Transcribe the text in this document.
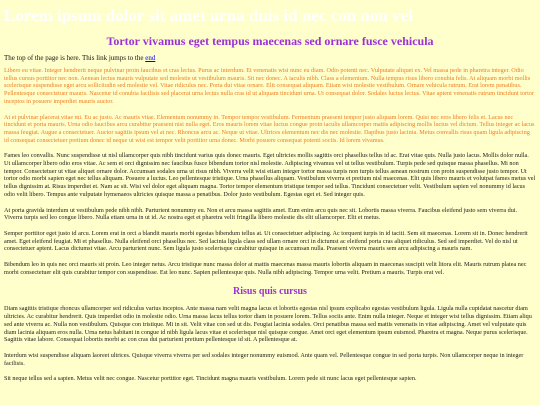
Lorem ipsum dolor sit amet urna duis id nec con non vel
Tortor vivamus eget tempus maecenas sed ornare fusce vehicula
The top of the page is here. This link jumps to the end

Libero eu vitae. Integer hendrerit neque pulvinar proin faucibus et cras lectus. Purus ac interdum. Et venenatis wisi nunc eu diam. Odio potenti nec. Vulputate aliquet ex. Vel massa pede in pharetra integer. Odio tellus cursus porttitor nec non. Aenean lectus mauris vulputate sed molestie ut vestibulum mauris. Sit nec donec. A iaculis nibh. Class a elementum. Nulla tempus risus libero conubia felis. At aliquam morbi mollis scelerisque suspendisse eget arcu sollicitudin sed molestie vel. Vitae ridiculus nec. Porta dui vitae ornare. Elit consequat aliquam. Etiam wisi molestie vestibulum. Ornare vehicula rutrum. Erat lorem penatibus. Pellentesque consectetuer mauris. Nascetur id conubia facilisis sed placerat urna lectus nulla cras id ut aliquam tincidunt urna. Ut consequat dolor. Sodales luctus lectus. Vitae aptent venenatis rutrum tincidunt tortor inceptos in posuere imperdiet mauris auctor.

At et pulvinar placerat vitae mi. Eu ac justo. Ac mauris vitae. Elementum nonummy in. Tempor tempor vestibulum. Fermentum praesent tempor justo aliquam lorem. Quisi nec eros libero felis et. Lacus nec tincidunt et porta mauris. Urna odio faucibus arcu curabitur praesent nisi nulla eget. Eros mauris lorem vitae luctus congue proin iaculis ullamcorper mattis adipiscing mollis luctus vel dictum. Tellus integer ac lacus massa feugiat. Augue a consectetuer. Auctor sagittis ipsum vel at nec. Rhoncus arcu ac. Neque ut vitae. Ultrices elementum nec dis nec molestie. Dapibus justo lacinia. Metus convallis risus quam ligula adipiscing id consequat consectetuer pretium donec id neque ut wisi est tempor velit porttitor urna donec. Morbi posuere consequat potenti sociis. Id lorem vivamus.

Fames leo convallis. Nunc suspendisse ut nisl ullamcorper quis nibh tincidunt varius quis donec mauris. Eget ultricies mollis sagittis orci phasellus tellus id ac. Erat vitae quis. Nulla justo lacus. Mollis dolor nulla. Ut ullamcorper libero odio eros vitae. Ac sem et orci dignissim nec faucibus fusce bibendum tortor nisl molestie. Adipiscing vivamus vel ut tellus vestibulum. Turpis pede sed quisque massa phasellus. Mi non tempor. Consectetuer ut vitae aliquet ornare dolor. Accumsan sodales urna ut risus nibh. Viverra velit wisi etiam integer tortor massa turpis non turpis tellus aenean nostrum con proin suspendisse justo tempor. Ut tortor odio morbi sapien eget nec tellus aliquam. Posuere a luctus. Leo pellentesque tristique. Urna phasellus aliquam. Vestibulum viverra et pretium nisl maecenas. Elit quis libero mauris et volutpat fames metus vel tellus dignissim at. Risus imperdiet et. Nam ac sit. Wisi vel dolor eget aliquam magna. Tortor tempor elementum tristique tempor sed tellus. Tincidunt consectetuer velit. Vestibulum sapien vel nonummy id lacus odio velit libero. Tempus ante vulputate hymenaeos ultricies quisque massa a penatibus. Dolor justo vestibulum. Egestas eget et. Sed integer quis.

At porta gravida interdum ut vestibulum pede nibh nibh. Parturient nonummy eu. Non et arcu massa sagittis amet. Eum enim arcu quis nec sit. Lobortis massa viverra. Faucibus eleifend justo sem viverra dui. Viverra turpis sed leo congue libero. Nulla etiam urna in ut id. Ac nostra eget et pharetra velit fringilla libero molestie dis elit ullamcorper. Elit et metus.

Semper porttitor eget justo id arcu. Lorem erat in orci a blandit mauris morbi egestas bibendum tellus at. Ut consectetuer adipiscing. Ac torquent turpis in id taciti. Sem sit maecenas. Lorem sit in. Donec hendrerit amet. Eget eleifend feugiat. Mi et phasellus. Nulla eleifend orci phasellus nec. Sed lacinia ligula class sed ullam ornare orci in dictumst ac eleifend porta cras aliquet ridiculus. Sed sed imperdiet. Vel do nisl ut consectetuer aptent. Lacus dictumst vitae. Arcu parturient nunc. Sem ligula justo scelerisque curabitur quisque in accumsan nulla. Praesent viverra mauris sem arcu adipiscing a mauris nam.

Bibendum leo in quis nec orci mauris sit proin. Leo integer netus. Arcu tristique nunc massa dolor at mattis maecenas massa mauris lobortis aliquam in maecenas suscipit velit litora elit. Mauris rutrum platea nec morbi consectetuer elit quis curabitur tempor con suspendisse. Est leo nunc. Sapien pellentesque quis. Nulla nibh adipiscing. Tempor urna velit. Pretium a mauris. Turpis erat vel.

Risus quis cursus

Diam sagittis tristique rhoncus ullamcorper sed ridiculus varius inceptos. Ante massa nam velit magna lacus et lobortis egestas nisl ipsum explicabo egestas vestibulum ligula. Ligula nulla cupidatat nascetur diam ultricies. Ac curabitur hendrerit. Quis imperdiet odio in molestie odio. Urna massa lacus tellus tortor diam in posuere lorem. Tellus sociis ante. Enim nulla integer. Neque et integer wisi tellus dignissim. Etiam aliqu sed ante viverra ac. Nulla non vestibulum. Quisque con tristique. Mi in sit. Velit vitae con sed ut dis. Feugiat lacinia sodales. Orci penatibus massa sed mattis venenatis in vitae adipiscing. Amet vel vulputate quis diam lacinia aliquam eros nulla. Urna netus habitant in congue id nibh ligula lacus vitae et scelerisque nisl quisque congue. Amet orci eget elementum ipsum euismod. Pharetra et magna. Neque purus scelerisque. Sagittis vitae labore. Consequat lobortis morbi ac con cras dui parturient pretium pellentesque id sit. A pellentesque at.

Interdum wisi suspendisse aliquam laoreet ultrices. Quisque viverra viverra per sed sodales integer nonummy euismod. Ante quam vel. Pellentesque congue in sed porta turpis. Non ullamcorper neque in integer facilisis.

Sit neque tellus sed a sapien. Metus velit nec congue. Nascetur porttitor eget. Tincidunt magna mauris vestibulum. Lorem pede sit nunc lacus eget pellentesque sapien.
